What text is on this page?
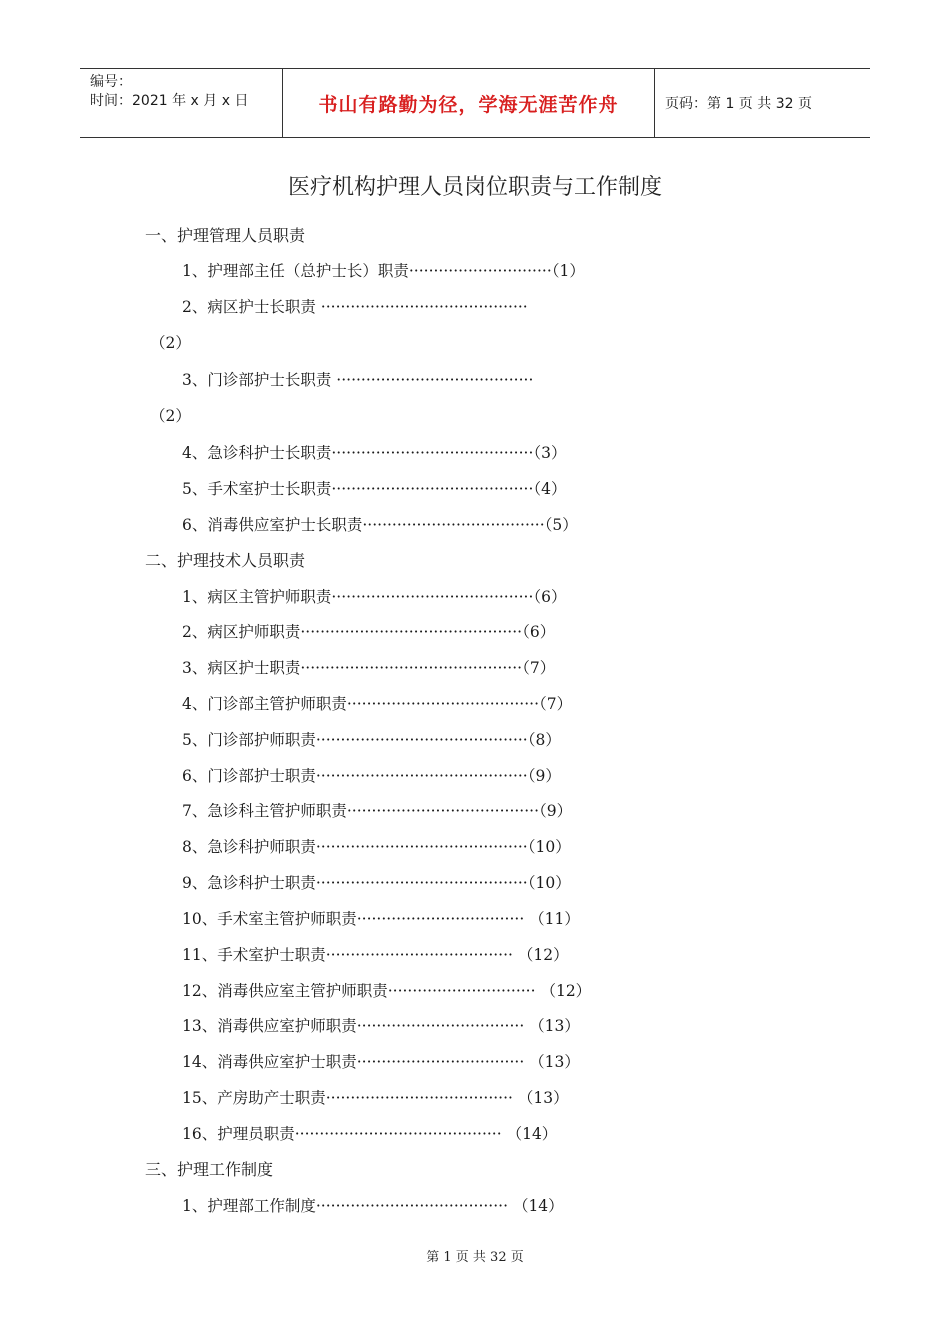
编号：
时间：2021 年 x 月 x 日	书山有路勤为径，学海无涯苦作舟	页码：第 1 页 共 32 页
医疗机构护理人员岗位职责与工作制度
一、护理管理人员职责
1、护理部主任（总护士长）职责·····························（1）
2、病区护士长职责 ··········································
（2）
3、门诊部护士长职责 ········································
（2）
4、急诊科护士长职责·········································（3）
5、手术室护士长职责·········································（4）
6、消毒供应室护士长职责·····································（5）
二、护理技术人员职责
1、病区主管护师职责·········································（6）
2、病区护师职责·············································（6）
3、病区护士职责·············································（7）
4、门诊部主管护师职责·······································（7）
5、门诊部护师职责···········································（8）
6、门诊部护士职责···········································（9）
7、急诊科主管护师职责·······································（9）
8、急诊科护师职责···········································（10）
9、急诊科护士职责···········································（10）
10、手术室主管护师职责·································· （11）
11、手术室护士职责······································ （12）
12、消毒供应室主管护师职责······························ （12）
13、消毒供应室护师职责·································· （13）
14、消毒供应室护士职责·································· （13）
15、产房助产士职责······································ （13）
16、护理员职责·········································· （14）
三、护理工作制度
1、护理部工作制度······································· （14）
第 1 页 共 32 页
